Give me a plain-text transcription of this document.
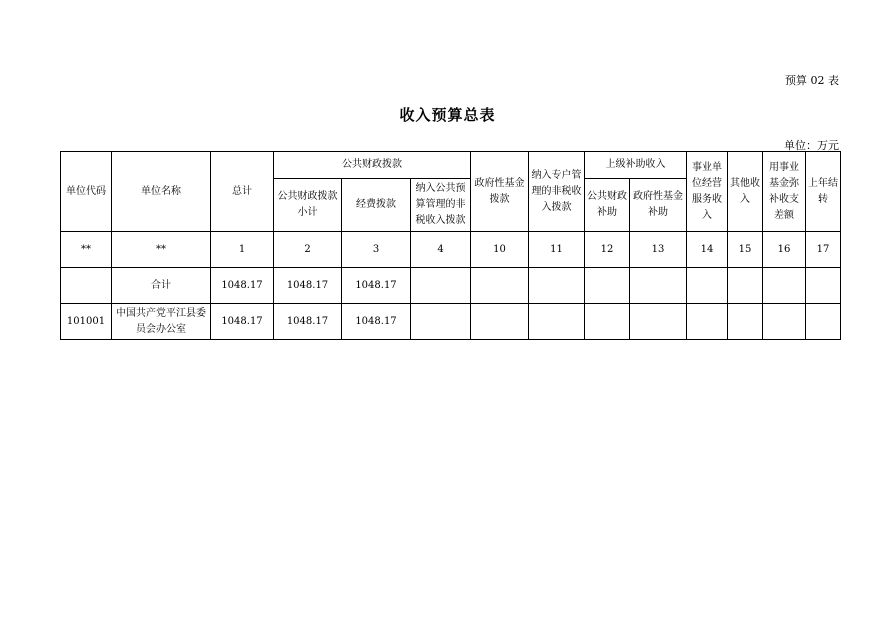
预算 02 表
收入预算总表
单位：万元
单位代码	单位名称	总计	公共财政拨款			政府性基金拨款	纳入专户管理的非税收入拨款	上级补助收入		事业单位经营服务收入	其他收入	用事业基金弥补收支差额	上年结转
			公共财政拨款小计	经费拨款	纳入公共预算管理的非税收入拨款								
								公共财政补助	政府性基金补助				
**	**	1	2	3	4	10	11	12	13	14	15	16	17
	合计	1048.17	1048.17	1048.17									
101001	中国共产党平江县委员会办公室	1048.17	1048.17	1048.17									
